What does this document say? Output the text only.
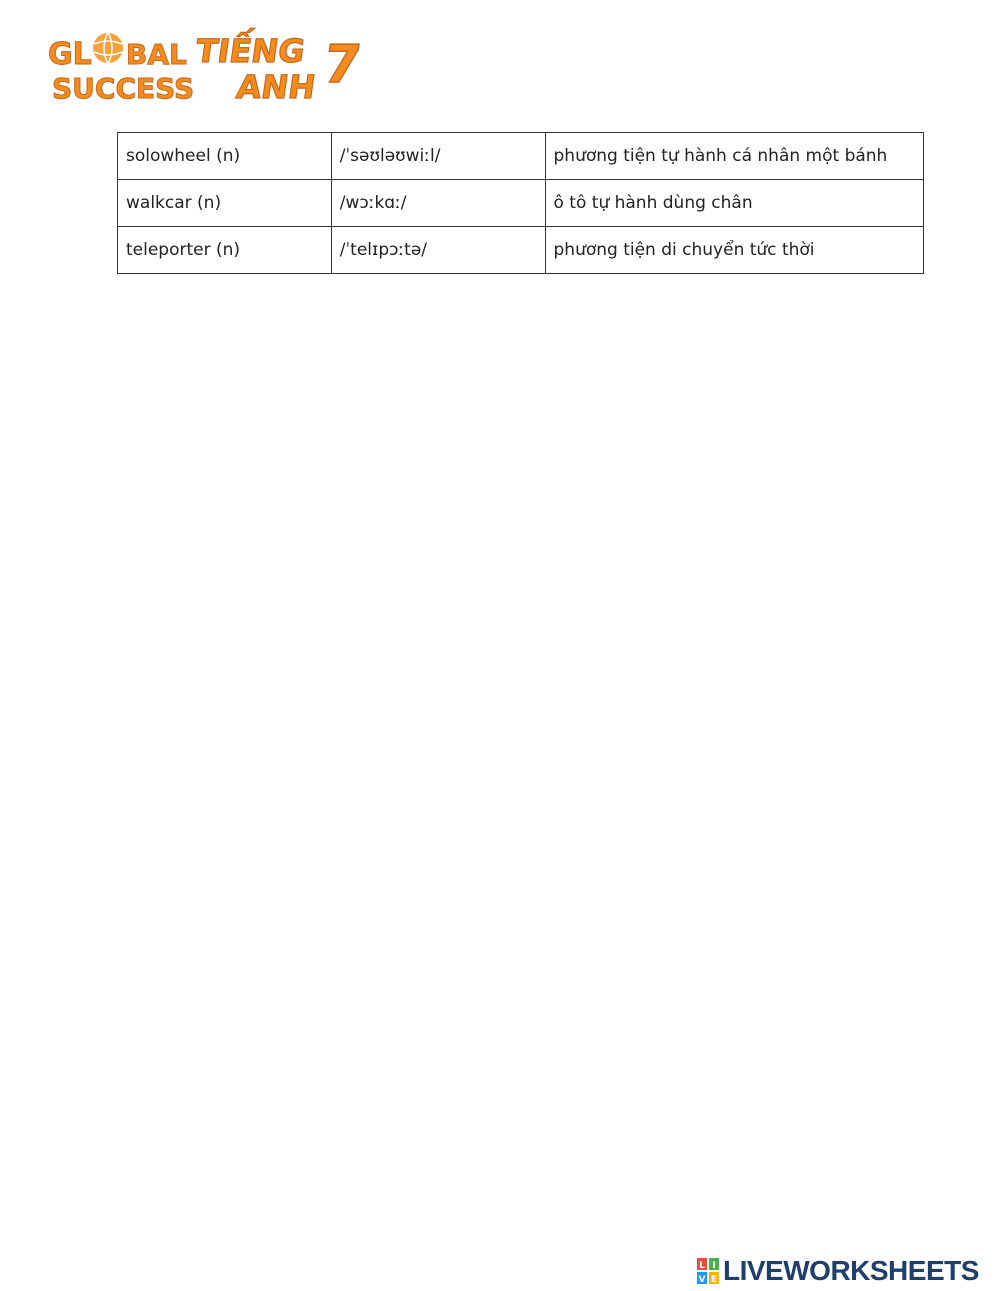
GL BAL
SUCCESS
TIẾNG
ANH 7
solowheel (n)	/ˈsəʊləʊwiːl/	phương tiện tự hành cá nhân một bánh
walkcar (n)	/wɔːkɑː/	ô tô tự hành dùng chân
teleporter (n)	/ˈtelɪpɔːtə/	phương tiện di chuyển tức thời
L I
V E LIVEWORKSHEETS
